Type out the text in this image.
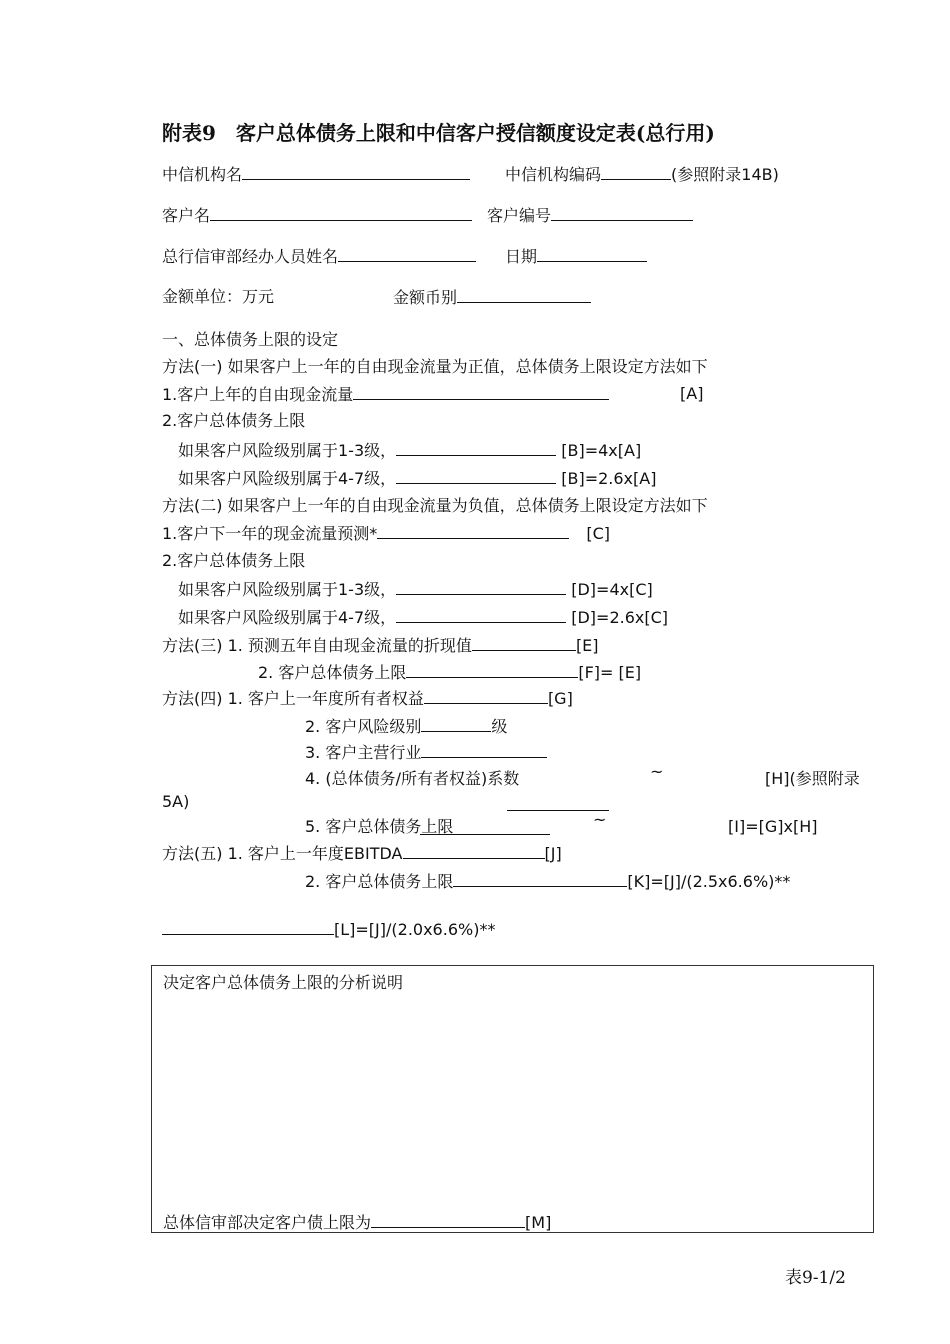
附表9　客户总体债务上限和中信客户授信额度设定表(总行用)
中信机构名	中信机构编码	(参照附录14B)
客户名	客户编号
总行信审部经办人员姓名	日期
金额单位：万元	金额币别
一、总体债务上限的设定
方法(一) 如果客户上一年的自由现金流量为正值，总体债务上限设定方法如下
1.客户上年的自由现金流量	[A]
2.客户总体债务上限
如果客户风险级别属于1-3级，	[B]=4x[A]
如果客户风险级别属于4-7级，	[B]=2.6x[A]
方法(二) 如果客户上一年的自由现金流量为负值，总体债务上限设定方法如下
1.客户下一年的现金流量预测*	[C]
2.客户总体债务上限
如果客户风险级别属于1-3级，	[D]=4x[C]
如果客户风险级别属于4-7级，	[D]=2.6x[C]
方法(三) 1. 预测五年自由现金流量的折现值	[E]
2. 客户总体债务上限	[F]= [E]
方法(四) 1. 客户上一年度所有者权益	[G]
2. 客户风险级别	级
3. 客户主营行业
4. (总体债务/所有者权益)系数	~	[H](参照附录
5A)
5. 客户总体债务上限	~	[I]=[G]x[H]
方法(五) 1. 客户上一年度EBITDA	[J]
2. 客户总体债务上限	[K]=[J]/(2.5x6.6%)**
[L]=[J]/(2.0x6.6%)**
决定客户总体债务上限的分析说明
总体信审部决定客户债上限为	[M]
表9-1/2
